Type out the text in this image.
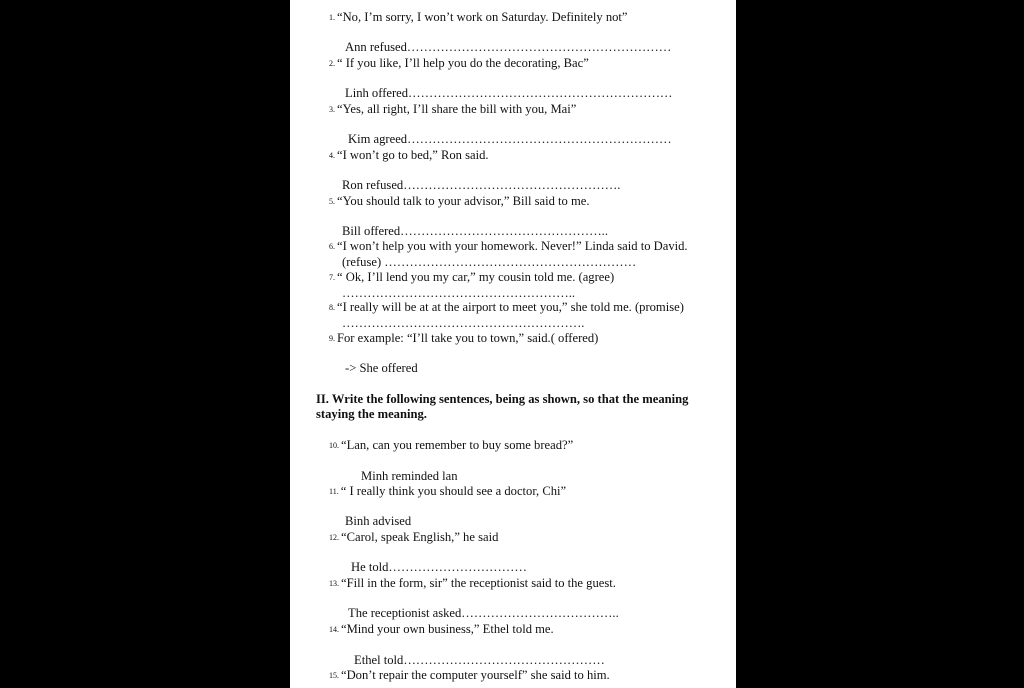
1. “No, I’m sorry, I won’t work on Saturday. Definitely not”
Ann refused………………………………………………………
2. “ If you like, I’ll help you do the decorating, Bac”
Linh offered………………………………………………………
3. “Yes, all right, I’ll share the bill with you, Mai”
Kim agreed………………………………………………………
4. “I won’t go to bed,” Ron said.
Ron refused…………………………………………….
5. “You should talk to your advisor,” Bill said to me.
Bill offered…………………………………………..
6. “I won’t help you with your homework. Never!” Linda said to David.
(refuse) ……………………………………………………
7. “ Ok, I’ll lend you my car,” my cousin told me. (agree)
………………………………………………..
8. “I really will be at at the airport to meet you,” she told me. (promise)
………………………………………………….
9. For example: “I’ll take you to town,” said.( offered)
-> She offered
II. Write the following sentences, being as shown, so that the meaning
staying the meaning.
10. “Lan, can you remember to buy some bread?”
Minh reminded lan
11. “ I really think you should see a doctor, Chi”
Binh advised
12. “Carol, speak English,” he said
He told……………………………
13. “Fill in the form, sir” the receptionist said to the guest.
The receptionist asked………………………………..
14. “Mind your own business,” Ethel told me.
Ethel told…………………………………………
15. “Don’t repair the computer yourself” she said to him.
